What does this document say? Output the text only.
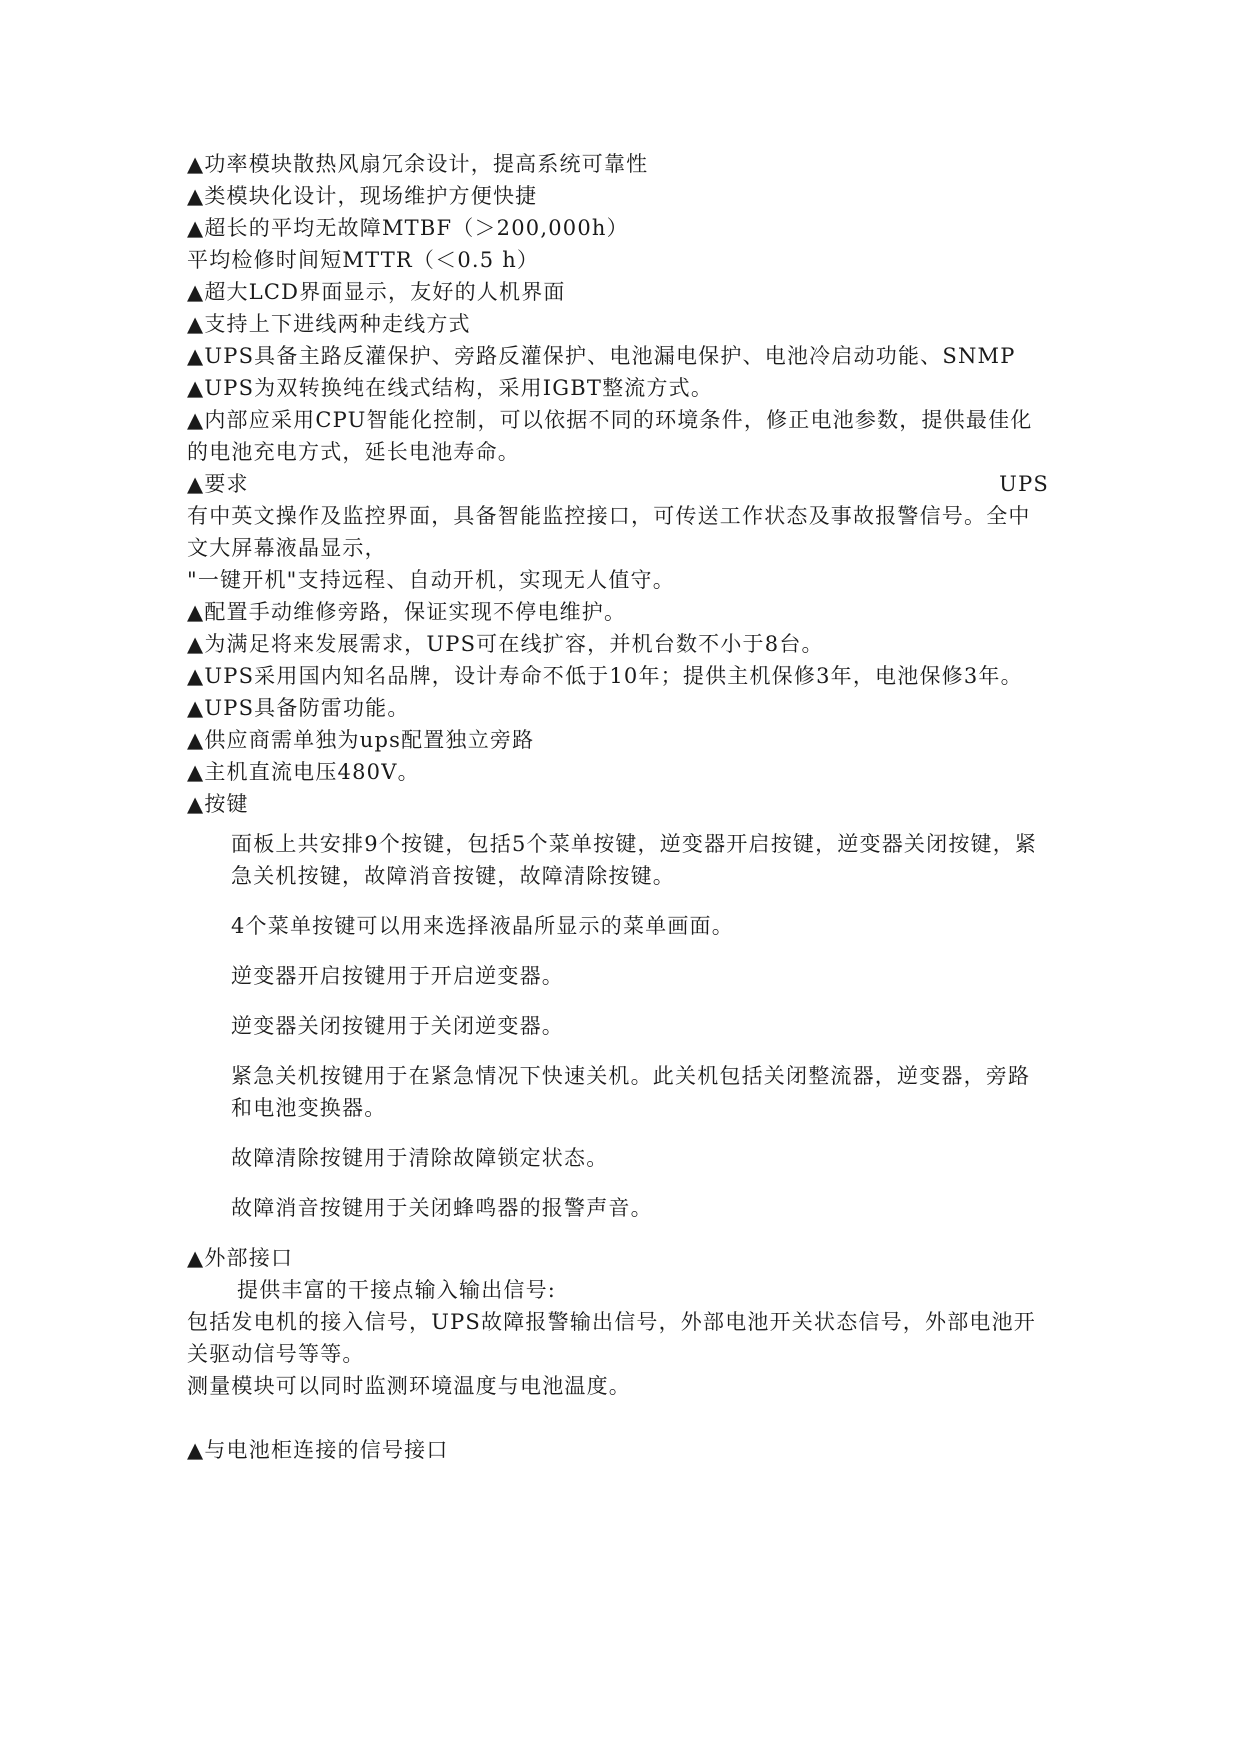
▲功率模块散热风扇冗余设计，提高系统可靠性

▲类模块化设计，现场维护方便快捷

▲超长的平均无故障MTBF（＞200,000h）

平均检修时间短MTTR（＜0.5 h）

▲超大LCD界面显示，友好的人机界面

▲支持上下进线两种走线方式

▲UPS具备主路反灌保护、旁路反灌保护、电池漏电保护、电池冷启动功能、SNMP

▲UPS为双转换纯在线式结构，采用IGBT整流方式。

▲内部应采用CPU智能化控制，可以依据不同的环境条件，修正电池参数，提供最佳化的电池充电方式，延长电池寿命。

▲要求	UPS

有中英文操作及监控界面，具备智能监控接口，可传送工作状态及事故报警信号。全中文大屏幕液晶显示，

"一键开机"支持远程、自动开机，实现无人值守。

▲配置手动维修旁路，保证实现不停电维护。

▲为满足将来发展需求，UPS可在线扩容，并机台数不小于8台。

▲UPS采用国内知名品牌，设计寿命不低于10年；提供主机保修3年，电池保修3年。

▲UPS具备防雷功能。

▲供应商需单独为ups配置独立旁路

▲主机直流电压480V。

▲按键

面板上共安排9个按键，包括5个菜单按键，逆变器开启按键，逆变器关闭按键，紧急关机按键，故障消音按键，故障清除按键。

4个菜单按键可以用来选择液晶所显示的菜单画面。

逆变器开启按键用于开启逆变器。

逆变器关闭按键用于关闭逆变器。

紧急关机按键用于在紧急情况下快速关机。此关机包括关闭整流器，逆变器，旁路和电池变换器。

故障清除按键用于清除故障锁定状态。

故障消音按键用于关闭蜂鸣器的报警声音。

▲外部接口

提供丰富的干接点输入输出信号:

包括发电机的接入信号，UPS故障报警输出信号，外部电池开关状态信号，外部电池开关驱动信号等等。

测量模块可以同时监测环境温度与电池温度。

▲与电池柜连接的信号接口
